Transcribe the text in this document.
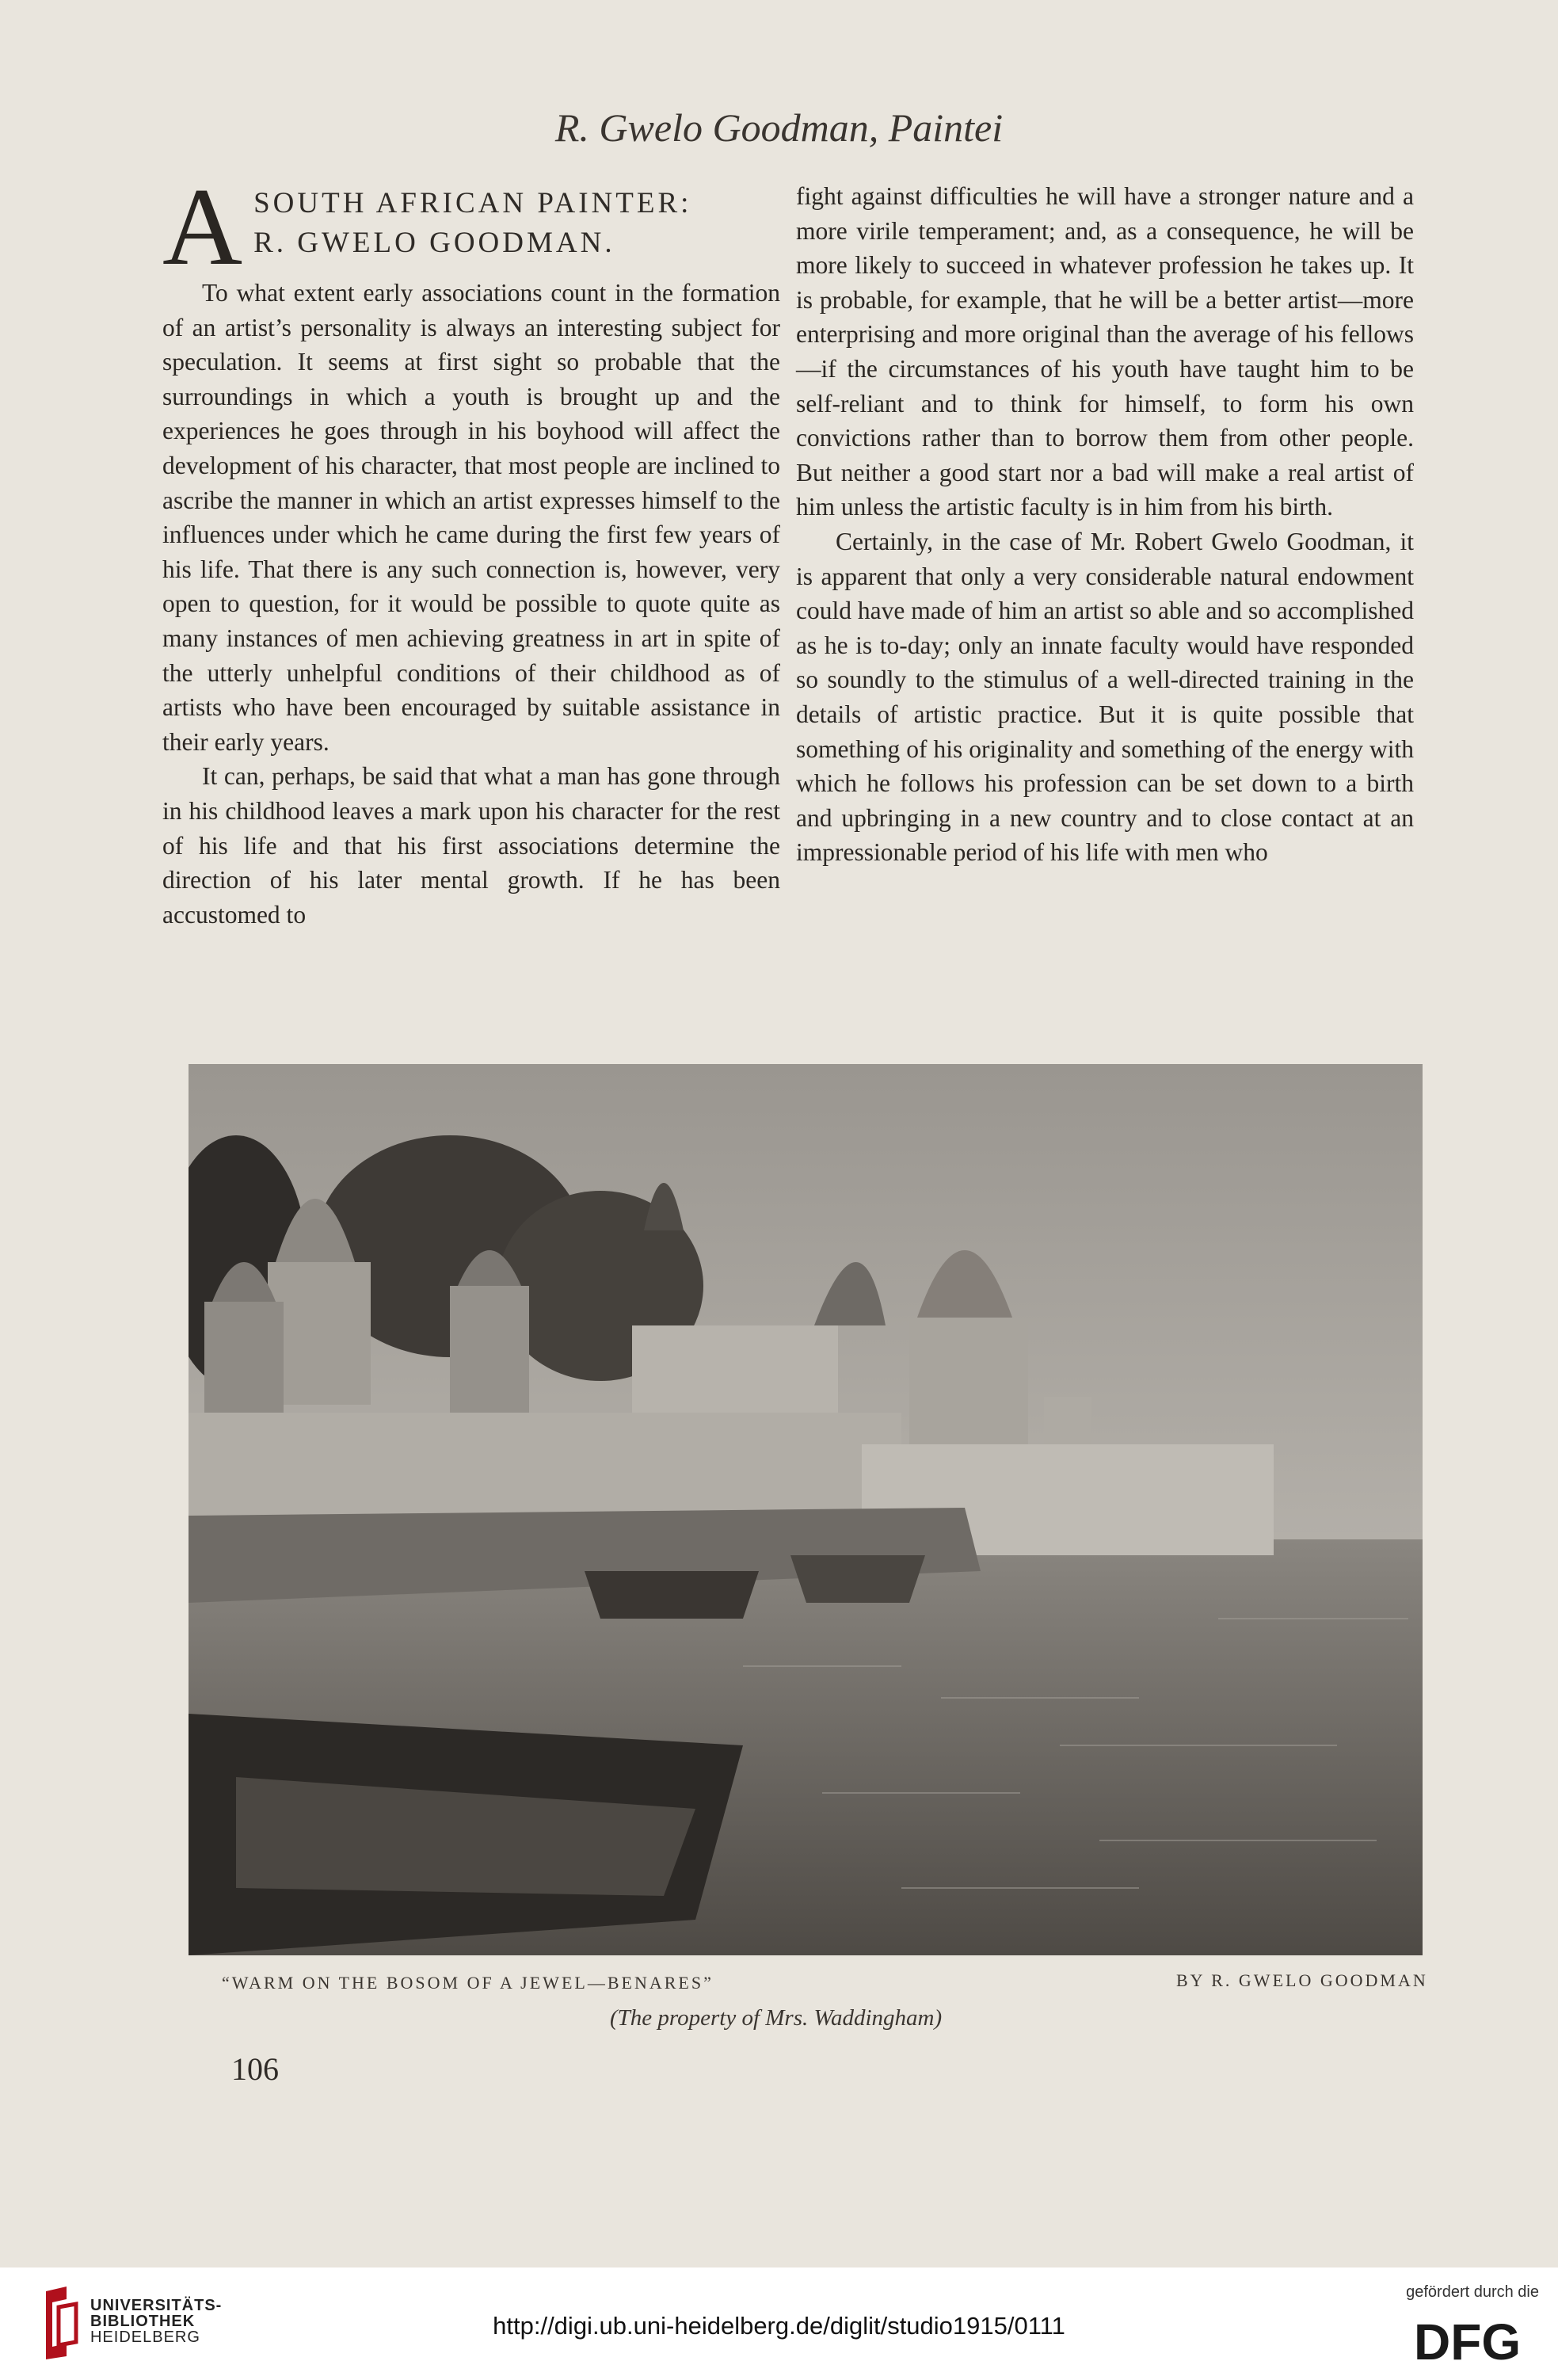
R. Gwelo Goodman, Paintei
A SOUTH AFRICAN PAINTER:
R. GWELO GOODMAN.

To what extent early associations count in the formation of an artist’s personality is always an interesting subject for speculation. It seems at first sight so probable that the surroundings in which a youth is brought up and the experiences he goes through in his boyhood will affect the development of his character, that most people are inclined to ascribe the manner in which an artist expresses himself to the influences under which he came during the first few years of his life. That there is any such connection is, however, very open to question, for it would be possible to quote quite as many instances of men achieving greatness in art in spite of the utterly unhelpful conditions of their childhood as of artists who have been encouraged by suitable assistance in their early years.

It can, perhaps, be said that what a man has gone through in his childhood leaves a mark upon his character for the rest of his life and that his first associations determine the direction of his later mental growth. If he has been accustomed to

fight against difficulties he will have a stronger nature and a more virile temperament; and, as a consequence, he will be more likely to succeed in whatever profession he takes up. It is probable, for example, that he will be a better artist—more enterprising and more original than the average of his fellows—if the circumstances of his youth have taught him to be self-reliant and to think for himself, to form his own convictions rather than to borrow them from other people. But neither a good start nor a bad will make a real artist of him unless the artistic faculty is in him from his birth.

Certainly, in the case of Mr. Robert Gwelo Goodman, it is apparent that only a very considerable natural endowment could have made of him an artist so able and so accomplished as he is to-day; only an innate faculty would have responded so soundly to the stimulus of a well-directed training in the details of artistic practice. But it is quite possible that something of his originality and something of the energy with which he follows his profession can be set down to a birth and upbringing in a new country and to close contact at an impressionable period of his life with men who

“WARM ON THE BOSOM OF A JEWEL—BENARES”	BY R. GWELO GOODMAN
(The property of Mrs. Waddingham)
106
UNIVERSITÄTS-
BIBLIOTHEK
HEIDELBERG	http://digi.ub.uni-heidelberg.de/diglit/studio1915/0111
gefördert durch die
DFG
